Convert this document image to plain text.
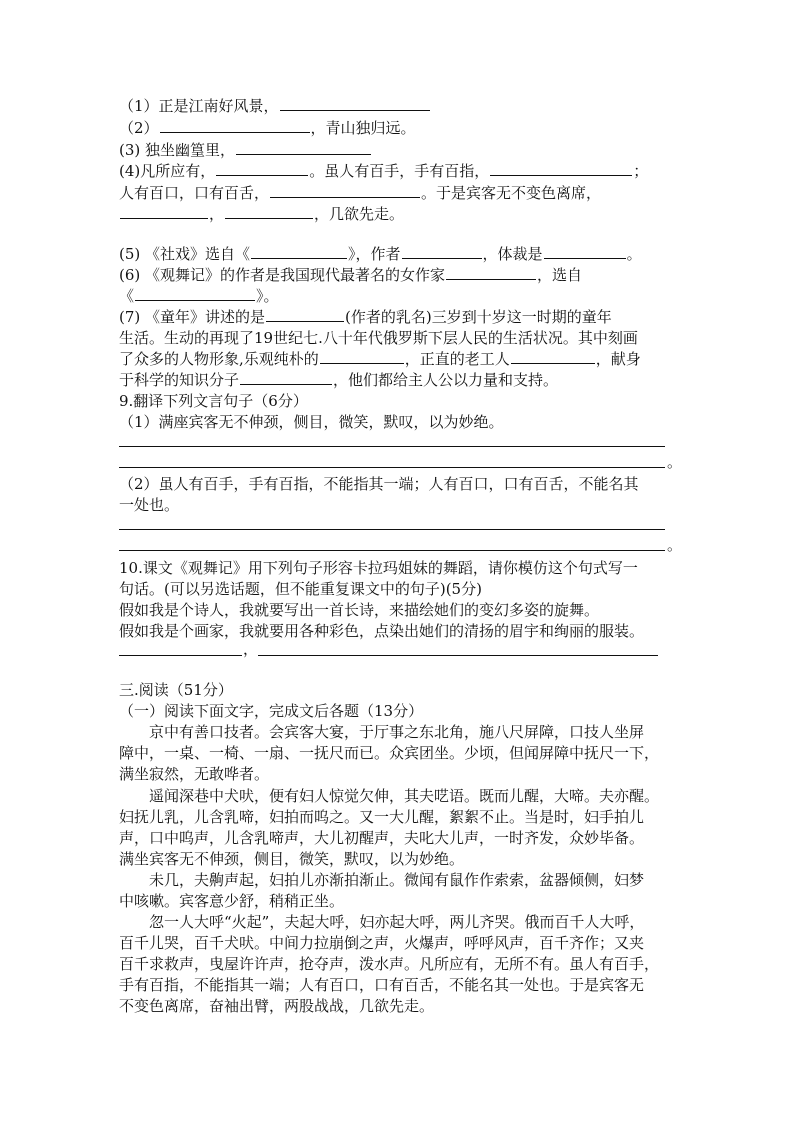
（1）正是江南好风景，
（2）	，青山独归远。
(3) 独坐幽篁里，
(4)凡所应有，	。虽人有百手，手有百指，	；
人有百口，口有百舌，	。于是宾客无不变色离席，
，	，几欲先走。
(5) 《社戏》选自《	》，作者	，体裁是	。
(6) 《观舞记》的作者是我国现代最著名的女作家	，选自
《	》。
(7) 《童年》讲述的是	(作者的乳名)三岁到十岁这一时期的童年
生活。生动的再现了19世纪七.八十年代俄罗斯下层人民的生活状况。其中刻画
了众多的人物形象,乐观纯朴的	，正直的老工人	，献身
于科学的知识分子	，他们都给主人公以力量和支持。
9.翻译下列文言句子（6分）
（1）满座宾客无不伸颈，侧目，微笑，默叹，以为妙绝。
。
（2）虽人有百手，手有百指，不能指其一端；人有百口，口有百舌，不能名其
一处也。
。
10.课文《观舞记》用下列句子形容卡拉玛姐妹的舞蹈，请你模仿这个句式写一
句话。(可以另选话题，但不能重复课文中的句子)(5分)
假如我是个诗人，我就要写出一首长诗，来描绘她们的变幻多姿的旋舞。
假如我是个画家，我就要用各种彩色，点染出她们的清扬的眉宇和绚丽的服装。
，
三.阅读（51分）
（一）阅读下面文字，完成文后各题（13分）
京中有善口技者。会宾客大宴，于厅事之东北角，施八尺屏障，口技人坐屏
障中，一桌、一椅、一扇、一抚尺而已。众宾团坐。少顷，但闻屏障中抚尺一下，
满坐寂然，无敢哗者。
遥闻深巷中犬吠，便有妇人惊觉欠伸，其夫呓语。既而儿醒，大啼。夫亦醒。
妇抚儿乳，儿含乳啼，妇拍而呜之。又一大儿醒，絮絮不止。当是时，妇手拍儿
声，口中呜声，儿含乳啼声，大儿初醒声，夫叱大儿声，一时齐发，众妙毕备。
满坐宾客无不伸颈，侧目，微笑，默叹，以为妙绝。
未几，夫齁声起，妇拍儿亦渐拍渐止。微闻有鼠作作索索，盆器倾侧，妇梦
中咳嗽。宾客意少舒，稍稍正坐。
忽一人大呼“火起”，夫起大呼，妇亦起大呼，两儿齐哭。俄而百千人大呼，
百千儿哭，百千犬吠。中间力拉崩倒之声，火爆声，呼呼风声，百千齐作；又夹
百千求救声，曳屋许许声，抢夺声，泼水声。凡所应有，无所不有。虽人有百手，
手有百指，不能指其一端；人有百口，口有百舌，不能名其一处也。于是宾客无
不变色离席，奋袖出臂，两股战战，几欲先走。
